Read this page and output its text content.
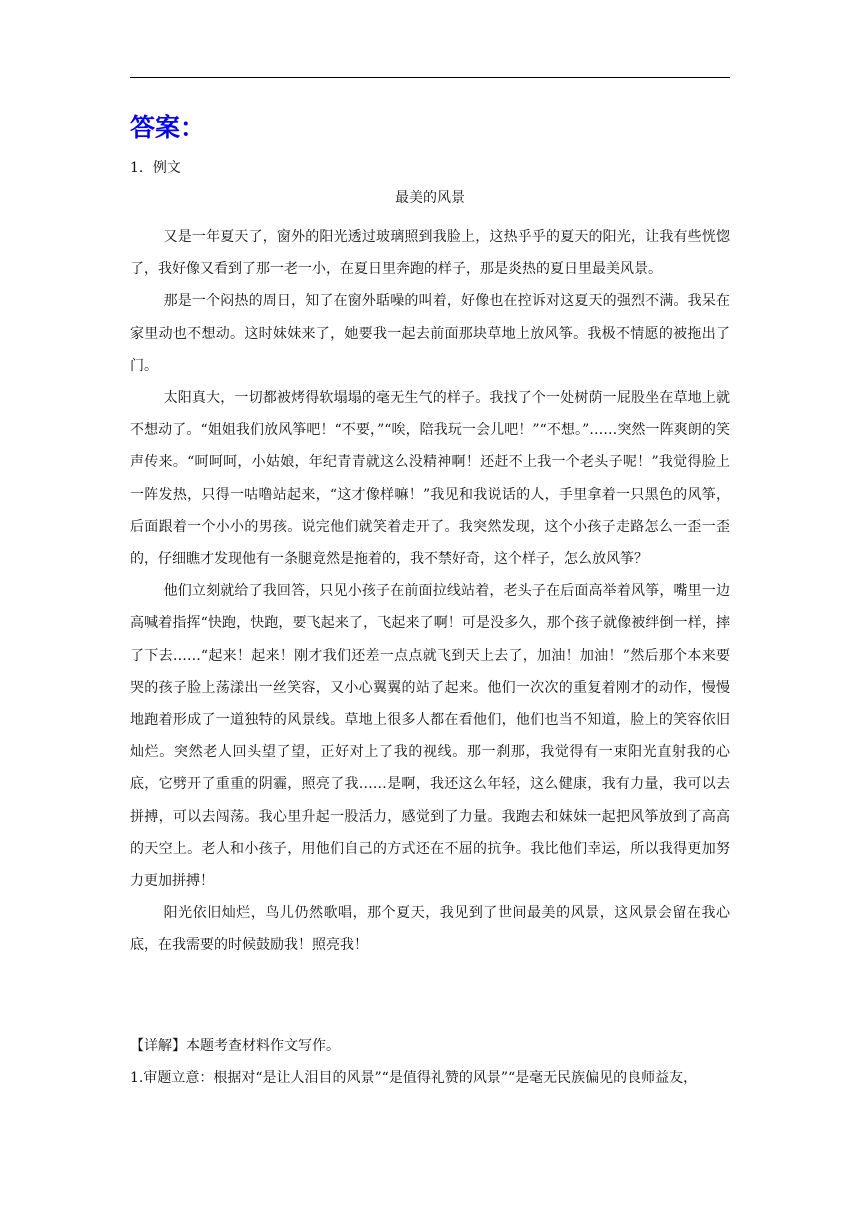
答案：
1．例文
最美的风景

又是一年夏天了，窗外的阳光透过玻璃照到我脸上，这热乎乎的夏天的阳光，让我有些恍惚了，我好像又看到了那一老一小，在夏日里奔跑的样子，那是炎热的夏日里最美风景。

那是一个闷热的周日，知了在窗外聒噪的叫着，好像也在控诉对这夏天的强烈不满。我呆在家里动也不想动。这时妹妹来了，她要我一起去前面那块草地上放风筝。我极不情愿的被拖出了门。

太阳真大，一切都被烤得软塌塌的毫无生气的样子。我找了个一处树荫一屁股坐在草地上就不想动了。“姐姐我们放风筝吧！“不要，”“唉，陪我玩一会儿吧！”“不想。”……突然一阵爽朗的笑声传来。“呵呵呵，小姑娘，年纪青青就这么没精神啊！还赶不上我一个老头子呢！”我觉得脸上一阵发热，只得一咕噜站起来，“这才像样嘛！”我见和我说话的人，手里拿着一只黑色的风筝，后面跟着一个小小的男孩。说完他们就笑着走开了。我突然发现，这个小孩子走路怎么一歪一歪的，仔细瞧才发现他有一条腿竟然是拖着的，我不禁好奇，这个样子，怎么放风筝？

他们立刻就给了我回答，只见小孩子在前面拉线站着，老头子在后面高举着风筝，嘴里一边高喊着指挥“快跑，快跑，要飞起来了，飞起来了啊！可是没多久，那个孩子就像被绊倒一样，摔了下去……“起来！起来！刚才我们还差一点点就飞到天上去了，加油！加油！”然后那个本来要哭的孩子脸上荡漾出一丝笑容，又小心翼翼的站了起来。他们一次次的重复着刚才的动作，慢慢地跑着形成了一道独特的风景线。草地上很多人都在看他们，他们也当不知道，脸上的笑容依旧灿烂。突然老人回头望了望，正好对上了我的视线。那一刹那，我觉得有一束阳光直射我的心底，它劈开了重重的阴霾，照亮了我……是啊，我还这么年轻，这么健康，我有力量，我可以去拼搏，可以去闯荡。我心里升起一股活力，感觉到了力量。我跑去和妹妹一起把风筝放到了高高的天空上。老人和小孩子，用他们自己的方式还在不屈的抗争。我比他们幸运，所以我得更加努力更加拼搏！

阳光依旧灿烂，鸟儿仍然歌唱，那个夏天，我见到了世间最美的风景，这风景会留在我心底，在我需要的时候鼓励我！照亮我！

【详解】本题考查材料作文写作。
1.审题立意：根据对“是让人泪目的风景”“是值得礼赞的风景”“是毫无民族偏见的良师益友，
